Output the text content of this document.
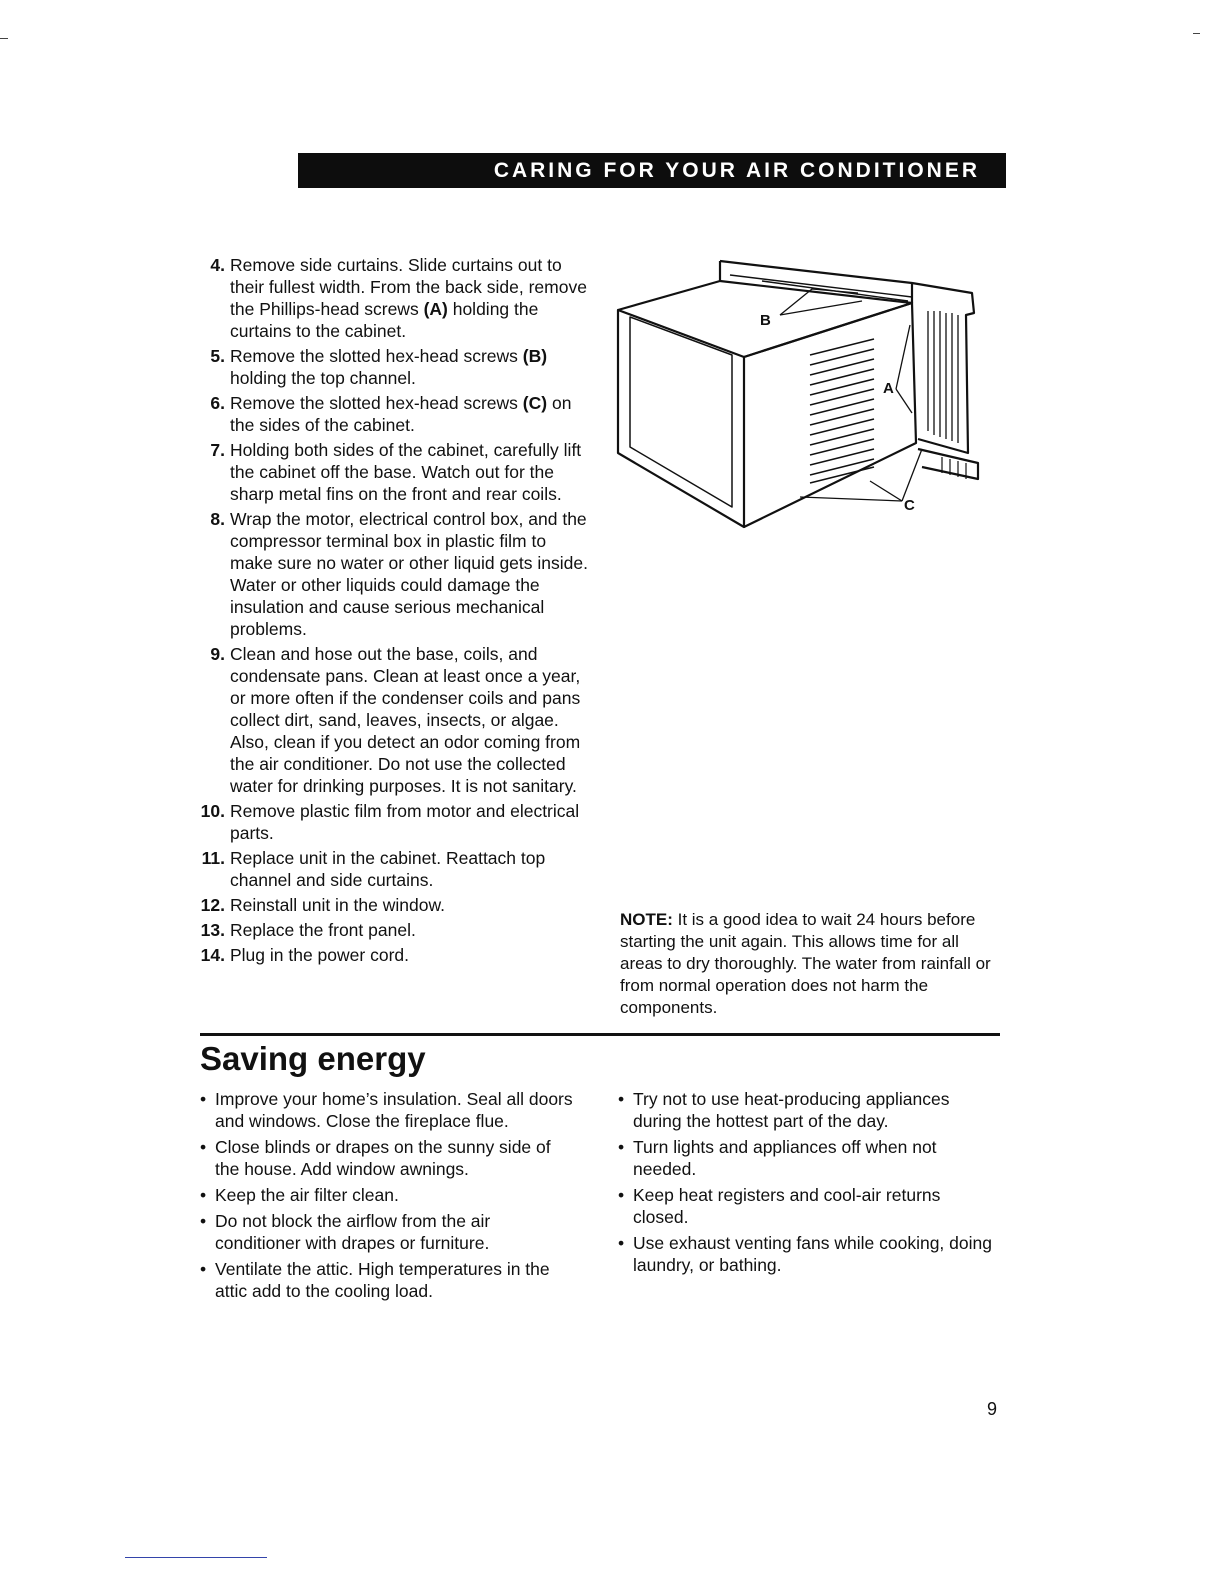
CARING FOR YOUR AIR CONDITIONER
4. Remove side curtains. Slide curtains out to their fullest width. From the back side, remove the Phillips-head screws (A) holding the curtains to the cabinet.
5. Remove the slotted hex-head screws (B) holding the top channel.
6. Remove the slotted hex-head screws (C) on the sides of the cabinet.
7. Holding both sides of the cabinet, carefully lift the cabinet off the base. Watch out for the sharp metal fins on the front and rear coils.
8. Wrap the motor, electrical control box, and the compressor terminal box in plastic film to make sure no water or other liquid gets inside. Water or other liquids could damage the insulation and cause serious mechanical problems.
9. Clean and hose out the base, coils, and condensate pans. Clean at least once a year, or more often if the condenser coils and pans collect dirt, sand, leaves, insects, or algae. Also, clean if you detect an odor coming from the air conditioner. Do not use the collected water for drinking purposes. It is not sanitary.
10. Remove plastic film from motor and electrical parts.
11. Replace unit in the cabinet. Reattach top channel and side curtains.
12. Reinstall unit in the window.
13. Replace the front panel.
14. Plug in the power cord.
B
A
C
NOTE: It is a good idea to wait 24 hours before starting the unit again. This allows time for all areas to dry thoroughly. The water from rainfall or from normal operation does not harm the components.
Saving energy
• Improve your home’s insulation. Seal all doors and windows. Close the fireplace flue.
• Close blinds or drapes on the sunny side of the house. Add window awnings.
• Keep the air filter clean.
• Do not block the airflow from the air conditioner with drapes or furniture.
• Ventilate the attic. High temperatures in the attic add to the cooling load.
• Try not to use heat-producing appliances during the hottest part of the day.
• Turn lights and appliances off when not needed.
• Keep heat registers and cool-air returns closed.
• Use exhaust venting fans while cooking, doing laundry, or bathing.
9
